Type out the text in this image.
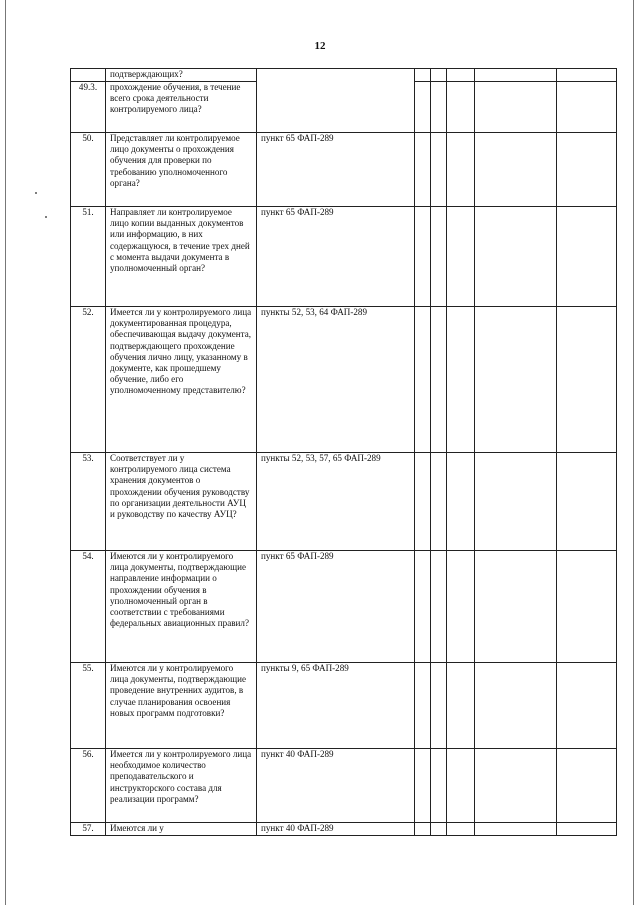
12
	подтверждающих?						
49.3.	прохождение обучения, в течение всего срока деятельности контролируемого лица?						
50.	Представляет ли контролируемое лицо документы о прохождения обучения для проверки по требованию уполномоченного органа?	пункт 65 ФАП-289					
51.	Направляет ли контролируемое лицо копии выданных документов или информацию, в них содержащуюся, в течение трех дней с момента выдачи документа в уполномоченный орган?	пункт 65 ФАП-289					
52.	Имеется ли у контролируемого лица документированная процедура, обеспечивающая выдачу документа, подтверждающего прохождение обучения лично лицу, указанному в документе, как прошедшему обучение, либо его уполномоченному представителю?	пункты 52, 53, 64 ФАП-289					
53.	Соответствует ли у контролируемого лица система хранения документов о прохождении обучения руководству по организации деятельности АУЦ и руководству по качеству АУЦ?	пункты 52, 53, 57, 65 ФАП-289					
54.	Имеются ли у контролируемого лица документы, подтверждающие направление информации о прохождении обучения в уполномоченный орган в соответствии с требованиями федеральных авиационных правил?	пункт 65 ФАП-289					
55.	Имеются ли у контролируемого лица документы, подтверждающие проведение внутренних аудитов, в случае планирования освоения новых программ подготовки?	пункты 9, 65 ФАП-289					
56.	Имеется ли у контролируемого лица необходимое количество преподавательского и инструкторского состава для реализации программ?	пункт 40 ФАП-289					
57.	Имеются ли у	пункт 40 ФАП-289					
